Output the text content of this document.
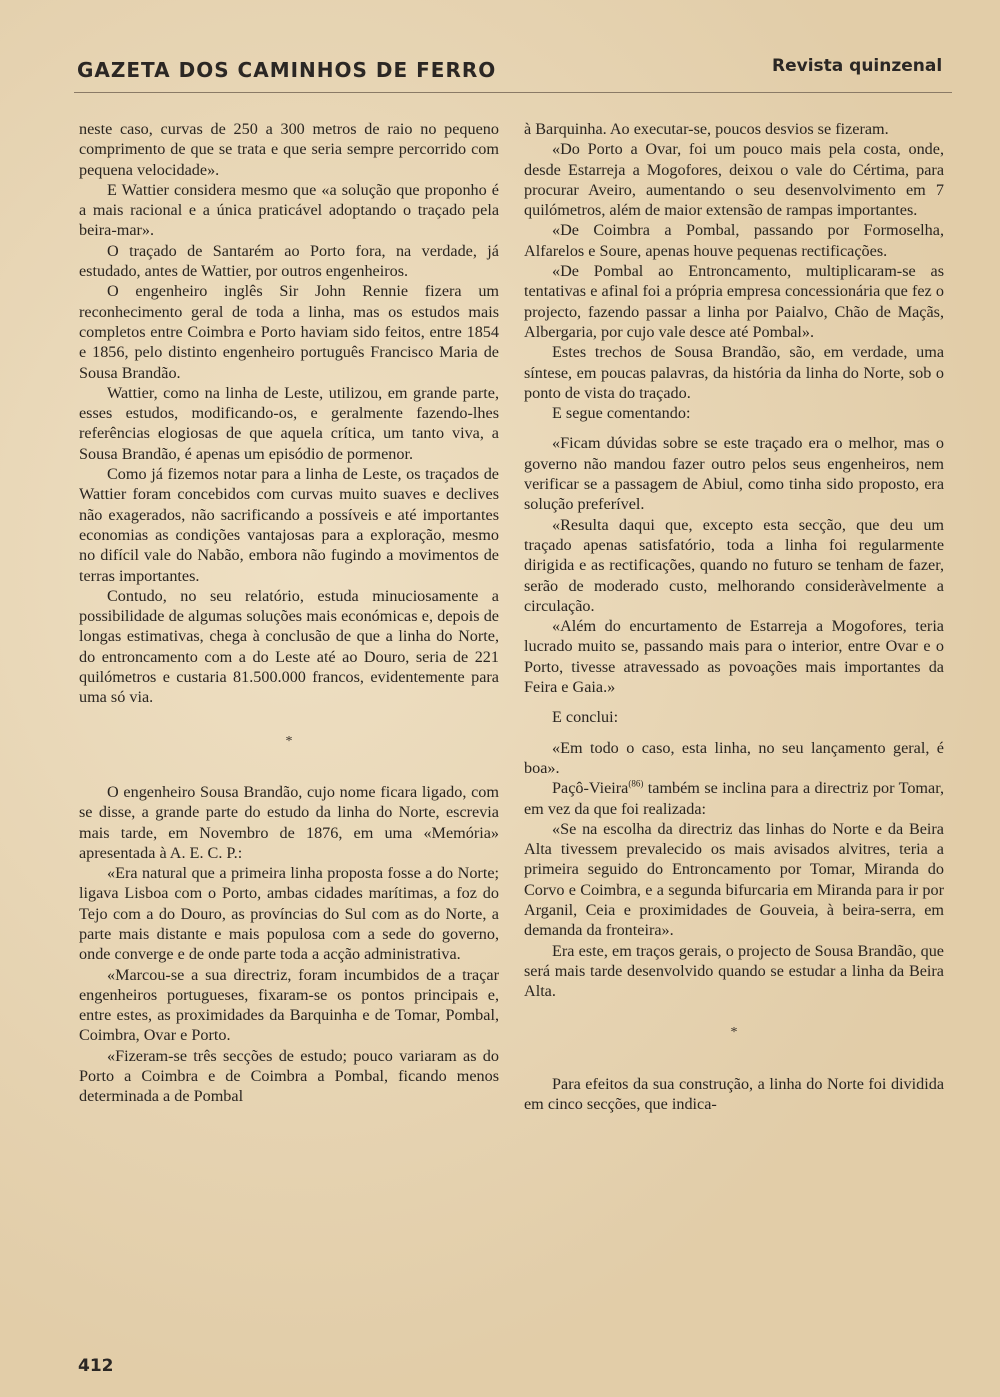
GAZETA DOS CAMINHOS DE FERRO	Revista quinzenal

neste caso, curvas de 250 a 300 metros de raio no pequeno comprimento de que se trata e que seria sempre percorrido com pequena velocidade».

E Wattier considera mesmo que «a solução que proponho é a mais racional e a única praticável adoptando o traçado pela beira-mar».

O traçado de Santarém ao Porto fora, na verdade, já estudado, antes de Wattier, por outros engenheiros.

O engenheiro inglês Sir John Rennie fizera um reconhecimento geral de toda a linha, mas os estudos mais completos entre Coimbra e Porto haviam sido feitos, entre 1854 e 1856, pelo distinto engenheiro português Francisco Maria de Sousa Brandão.

Wattier, como na linha de Leste, utilizou, em grande parte, esses estudos, modificando-os, e geralmente fazendo-lhes referências elogiosas de que aquela crítica, um tanto viva, a Sousa Brandão, é apenas um episódio de pormenor.

Como já fizemos notar para a linha de Leste, os traçados de Wattier foram concebidos com curvas muito suaves e declives não exagerados, não sacrificando a possíveis e até importantes economias as condições vantajosas para a exploração, mesmo no difícil vale do Nabão, embora não fugindo a movimentos de terras importantes.

Contudo, no seu relatório, estuda minuciosamente a possibilidade de algumas soluções mais económicas e, depois de longas estimativas, chega à conclusão de que a linha do Norte, do entroncamento com a do Leste até ao Douro, seria de 221 quilómetros e custaria 81.500.000 francos, evidentemente para uma só via.

*

O engenheiro Sousa Brandão, cujo nome ficara ligado, com se disse, a grande parte do estudo da linha do Norte, escrevia mais tarde, em Novembro de 1876, em uma «Memória» apresentada à A. E. C. P.:

«Era natural que a primeira linha proposta fosse a do Norte; ligava Lisboa com o Porto, ambas cidades marítimas, a foz do Tejo com a do Douro, as províncias do Sul com as do Norte, a parte mais distante e mais populosa com a sede do governo, onde converge e de onde parte toda a acção administrativa.

«Marcou-se a sua directriz, foram incumbidos de a traçar engenheiros portugueses, fixaram-se os pontos principais e, entre estes, as proximidades da Barquinha e de Tomar, Pombal, Coimbra, Ovar e Porto.

«Fizeram-se três secções de estudo; pouco variaram as do Porto a Coimbra e de Coimbra a Pombal, ficando menos determinada a de Pombal

à Barquinha. Ao executar-se, poucos desvios se fizeram.

«Do Porto a Ovar, foi um pouco mais pela costa, onde, desde Estarreja a Mogofores, deixou o vale do Cértima, para procurar Aveiro, aumentando o seu desenvolvimento em 7 quilómetros, além de maior extensão de rampas importantes.

«De Coimbra a Pombal, passando por Formoselha, Alfarelos e Soure, apenas houve pequenas rectificações.

«De Pombal ao Entroncamento, multiplicaram-se as tentativas e afinal foi a própria empresa concessionária que fez o projecto, fazendo passar a linha por Paialvo, Chão de Maçãs, Albergaria, por cujo vale desce até Pombal».

Estes trechos de Sousa Brandão, são, em verdade, uma síntese, em poucas palavras, da história da linha do Norte, sob o ponto de vista do traçado.

E segue comentando:

«Ficam dúvidas sobre se este traçado era o melhor, mas o governo não mandou fazer outro pelos seus engenheiros, nem verificar se a passagem de Abiul, como tinha sido proposto, era solução preferível.

«Resulta daqui que, excepto esta secção, que deu um traçado apenas satisfatório, toda a linha foi regularmente dirigida e as rectificações, quando no futuro se tenham de fazer, serão de moderado custo, melhorando consideràvelmente a circulação.

«Além do encurtamento de Estarreja a Mogofores, teria lucrado muito se, passando mais para o interior, entre Ovar e o Porto, tivesse atravessado as povoações mais importantes da Feira e Gaia.»

E conclui:

«Em todo o caso, esta linha, no seu lançamento geral, é boa».

Paçô-Vieira$^{(86)}$ também se inclina para a directriz por Tomar, em vez da que foi realizada:

«Se na escolha da directriz das linhas do Norte e da Beira Alta tivessem prevalecido os mais avisados alvitres, teria a primeira seguido do Entroncamento por Tomar, Miranda do Corvo e Coimbra, e a segunda bifurcaria em Miranda para ir por Arganil, Ceia e proximidades de Gouveia, à beira-serra, em demanda da fronteira».

Era este, em traços gerais, o projecto de Sousa Brandão, que será mais tarde desenvolvido quando se estudar a linha da Beira Alta.

*

Para efeitos da sua construção, a linha do Norte foi dividida em cinco secções, que indica-

412
